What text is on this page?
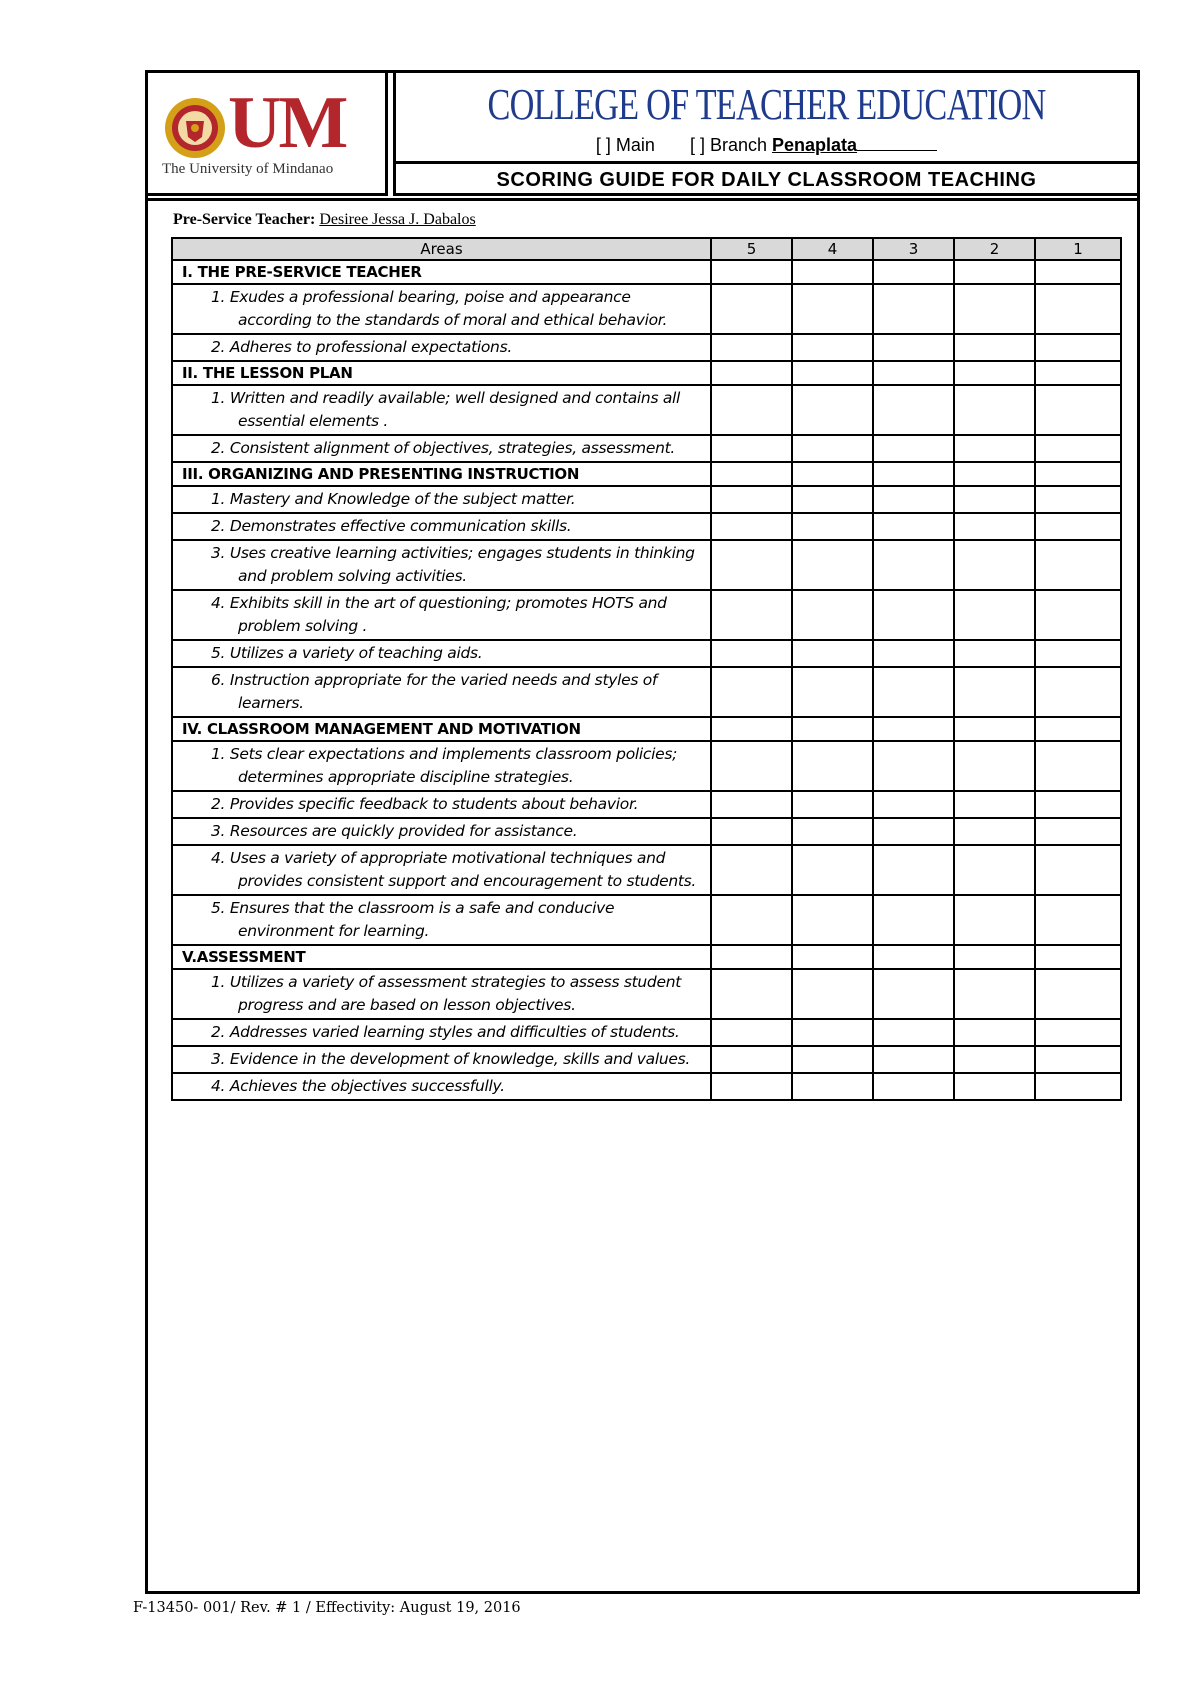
UM
The University of Mindanao
COLLEGE OF TEACHER EDUCATION
[ ] Main [ ] Branch Penaplata
SCORING GUIDE FOR DAILY CLASSROOM TEACHING
Pre-Service Teacher: Desiree Jessa J. Dabalos
Areas	5	4	3	2	1
I. THE PRE-SERVICE TEACHER					
1. Exudes a professional bearing, poise and appearance according to the standards of moral and ethical behavior.					
2. Adheres to professional expectations.					
II. THE LESSON PLAN					
1. Written and readily available; well designed and contains all essential elements .					
2. Consistent alignment of objectives, strategies, assessment.					
III. ORGANIZING AND PRESENTING INSTRUCTION					
1. Mastery and Knowledge of the subject matter.					
2. Demonstrates effective communication skills.					
3. Uses creative learning activities; engages students in thinking and problem solving activities.					
4. Exhibits skill in the art of questioning; promotes HOTS and problem solving .					
5. Utilizes a variety of teaching aids.					
6. Instruction appropriate for the varied needs and styles of learners.					
IV. CLASSROOM MANAGEMENT AND MOTIVATION					
1. Sets clear expectations and implements classroom policies; determines appropriate discipline strategies.					
2. Provides specific feedback to students about behavior.					
3. Resources are quickly provided for assistance.					
4. Uses a variety of appropriate motivational techniques and provides consistent support and encouragement to students.					
5. Ensures that the classroom is a safe and conducive environment for learning.					
V.ASSESSMENT					
1. Utilizes a variety of assessment strategies to assess student progress and are based on lesson objectives.					
2. Addresses varied learning styles and difficulties of students.					
3. Evidence in the development of knowledge, skills and values.					
4. Achieves the objectives successfully.					
F-13450- 001/ Rev. # 1 / Effectivity: August 19, 2016
